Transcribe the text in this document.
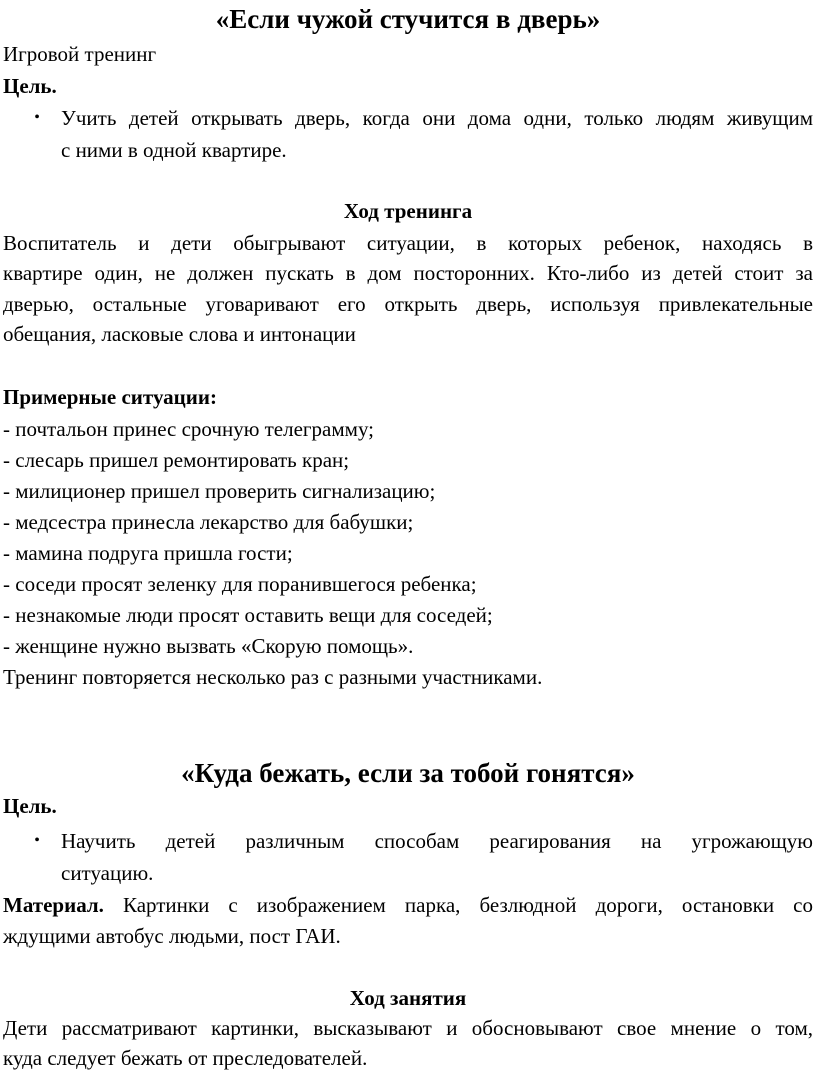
«Если чужой стучится в дверь»
Игровой тренинг
Цель.
• Учить детей открывать дверь, когда они дома одни, только людям живущим
с ними в одной квартире.
Ход тренинга
Воспитатель и дети обыгрывают ситуации, в которых ребенок, находясь в
квартире один, не должен пускать в дом посторонних. Кто-либо из детей стоит за
дверью, остальные уговаривают его открыть дверь, используя привлекательные
обещания, ласковые слова и интонации
Примерные ситуации:
- почтальон принес срочную телеграмму;
- слесарь пришел ремонтировать кран;
- милиционер пришел проверить сигнализацию;
- медсестра принесла лекарство для бабушки;
- мамина подруга пришла гости;
- соседи просят зеленку для поранившегося ребенка;
- незнакомые люди просят оставить вещи для соседей;
- женщине нужно вызвать «Скорую помощь».
Тренинг повторяется несколько раз с разными участниками.
«Куда бежать, если за тобой гонятся»
Цель.
• Научить детей различным способам реагирования на угрожающую
ситуацию.
Материал. Картинки с изображением парка, безлюдной дороги, остановки со
ждущими автобус людьми, пост ГАИ.
Ход занятия
Дети рассматривают картинки, высказывают и обосновывают свое мнение о том,
куда следует бежать от преследователей.
